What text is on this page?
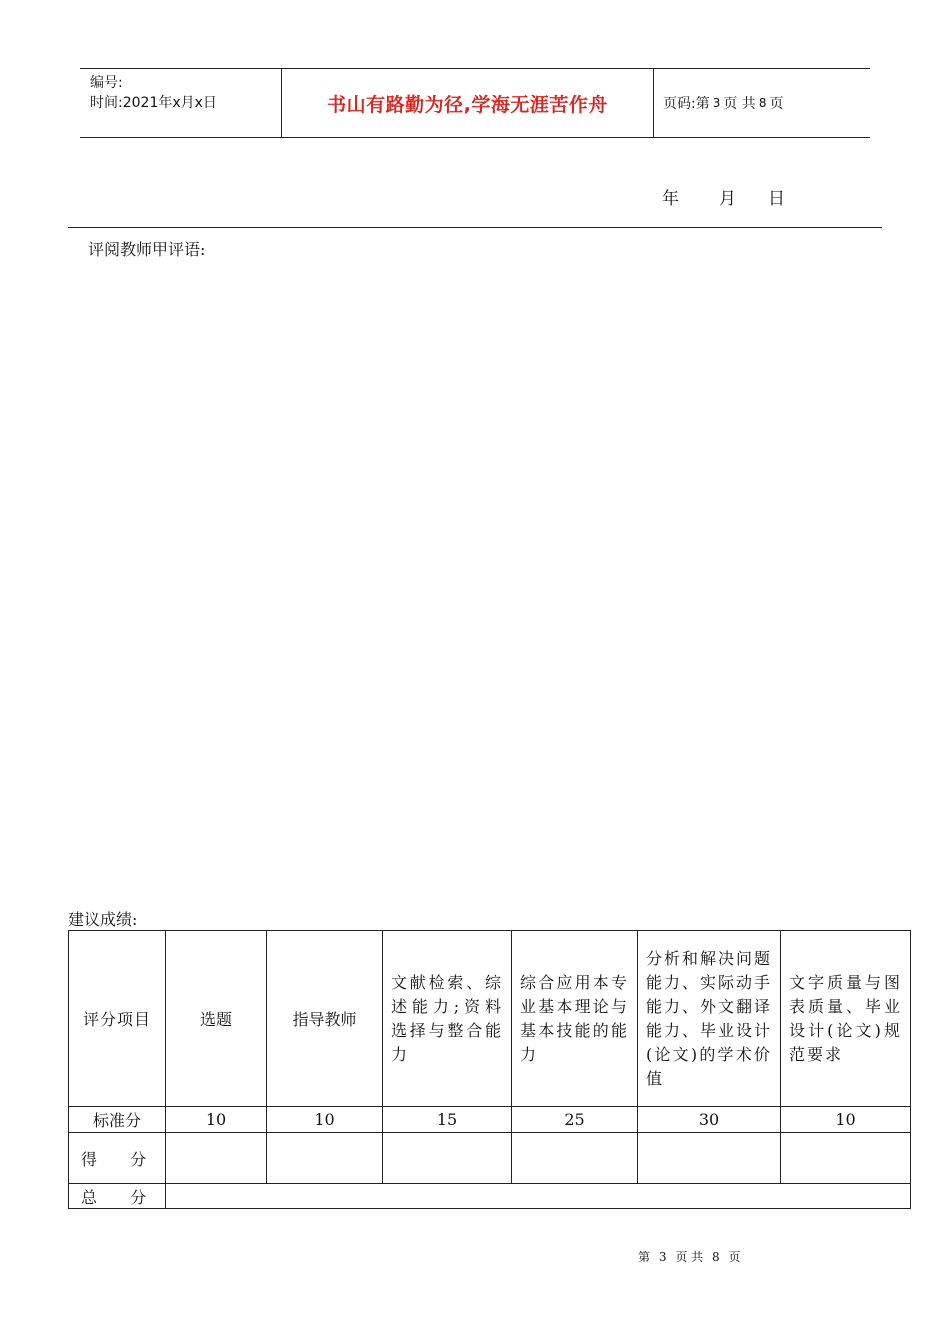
编号:
时间:2021年x月x日	书山有路勤为径,学海无涯苦作舟	页码:第 3 页 共 8 页
年 月 日
评阅教师甲评语:
建议成绩:
评分项目	选题	指导教师	文献检索、综述能力;资料选择与整合能力	综合应用本专业基本理论与基本技能的能力	分析和解决问题能力、实际动手能力、外文翻译能力、毕业设计(论文)的学术价值	文字质量与图表质量、毕业设计(论文)规范要求
标准分	10	10	15	25	30	10
得 分						
总 分						
第 3 页 共 8 页
